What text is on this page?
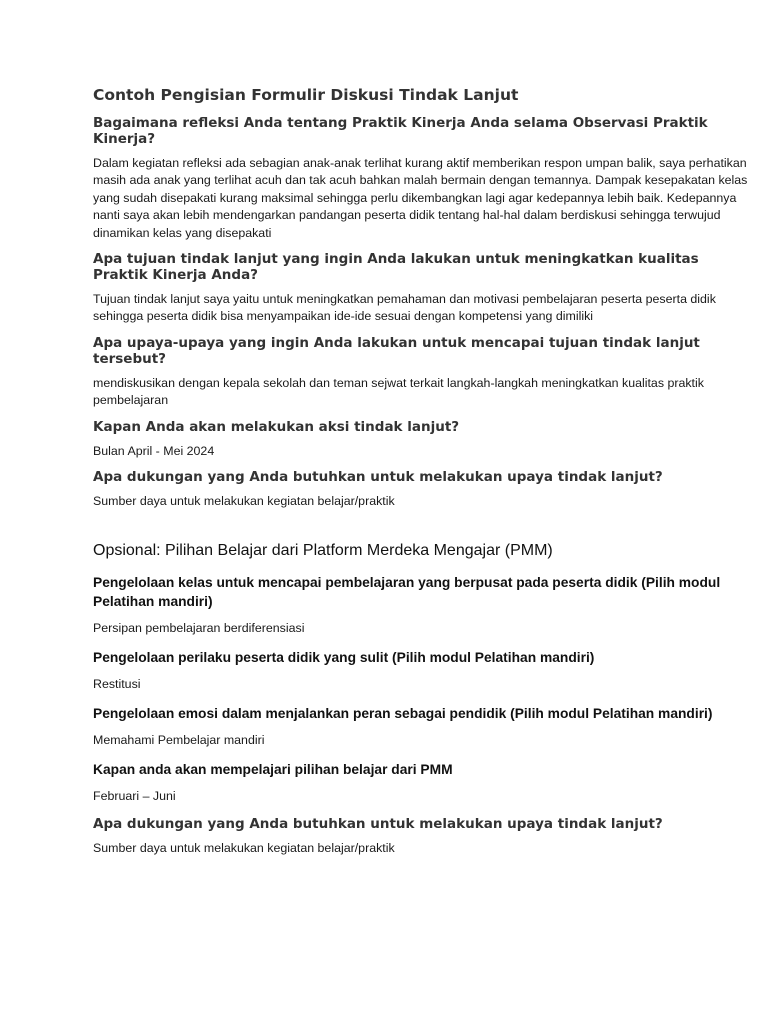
Contoh Pengisian Formulir Diskusi Tindak Lanjut
Bagaimana refleksi Anda tentang Praktik Kinerja Anda selama Observasi Praktik Kinerja?
Dalam kegiatan refleksi ada sebagian anak-anak terlihat kurang aktif memberikan respon umpan balik, saya perhatikan masih ada anak yang terlihat acuh dan tak acuh bahkan malah bermain dengan temannya. Dampak kesepakatan kelas yang sudah disepakati kurang maksimal sehingga perlu dikembangkan lagi agar kedepannya lebih baik. Kedepannya nanti saya akan lebih mendengarkan pandangan peserta didik tentang hal-hal dalam berdiskusi sehingga terwujud dinamikan kelas yang disepakati
Apa tujuan tindak lanjut yang ingin Anda lakukan untuk meningkatkan kualitas Praktik Kinerja Anda?
Tujuan tindak lanjut saya yaitu untuk meningkatkan pemahaman dan motivasi pembelajaran peserta peserta didik sehingga peserta didik bisa menyampaikan ide-ide sesuai dengan kompetensi yang dimiliki
Apa upaya-upaya yang ingin Anda lakukan untuk mencapai tujuan tindak lanjut tersebut?
mendiskusikan dengan kepala sekolah dan teman sejwat terkait langkah-langkah meningkatkan kualitas praktik pembelajaran
Kapan Anda akan melakukan aksi tindak lanjut?
Bulan April - Mei 2024
Apa dukungan yang Anda butuhkan untuk melakukan upaya tindak lanjut?
Sumber daya untuk melakukan kegiatan belajar/praktik
Opsional: Pilihan Belajar dari Platform Merdeka Mengajar (PMM)
Pengelolaan kelas untuk mencapai pembelajaran yang berpusat pada peserta didik (Pilih modul Pelatihan mandiri)
Persipan pembelajaran berdiferensiasi
Pengelolaan perilaku peserta didik yang sulit (Pilih modul Pelatihan mandiri)
Restitusi
Pengelolaan emosi dalam menjalankan peran sebagai pendidik (Pilih modul Pelatihan mandiri)
Memahami Pembelajar mandiri
Kapan anda akan mempelajari pilihan belajar dari PMM
Februari – Juni
Apa dukungan yang Anda butuhkan untuk melakukan upaya tindak lanjut?
Sumber daya untuk melakukan kegiatan belajar/praktik
